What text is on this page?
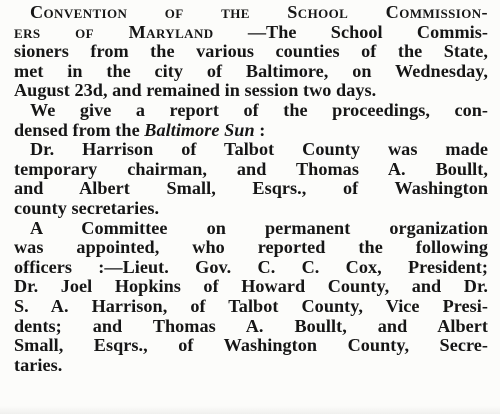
Convention of the School Commission-
ers of Maryland —The School Commis-
sioners from the various counties of the State,
met in the city of Baltimore, on Wednesday,
August 23d, and remained in session two days.
We give a report of the proceedings, con-
densed from the Baltimore Sun :
Dr. Harrison of Talbot County was made
temporary chairman, and Thomas A. Boullt,
and Albert Small, Esqrs., of Washington
county secretaries.
A Committee on permanent organization
was appointed, who reported the following
officers :—Lieut. Gov. C. C. Cox, President;
Dr. Joel Hopkins of Howard County, and Dr.
S. A. Harrison, of Talbot County, Vice Presi-
dents; and Thomas A. Boullt, and Albert
Small, Esqrs., of Washington County, Secre-
taries.
